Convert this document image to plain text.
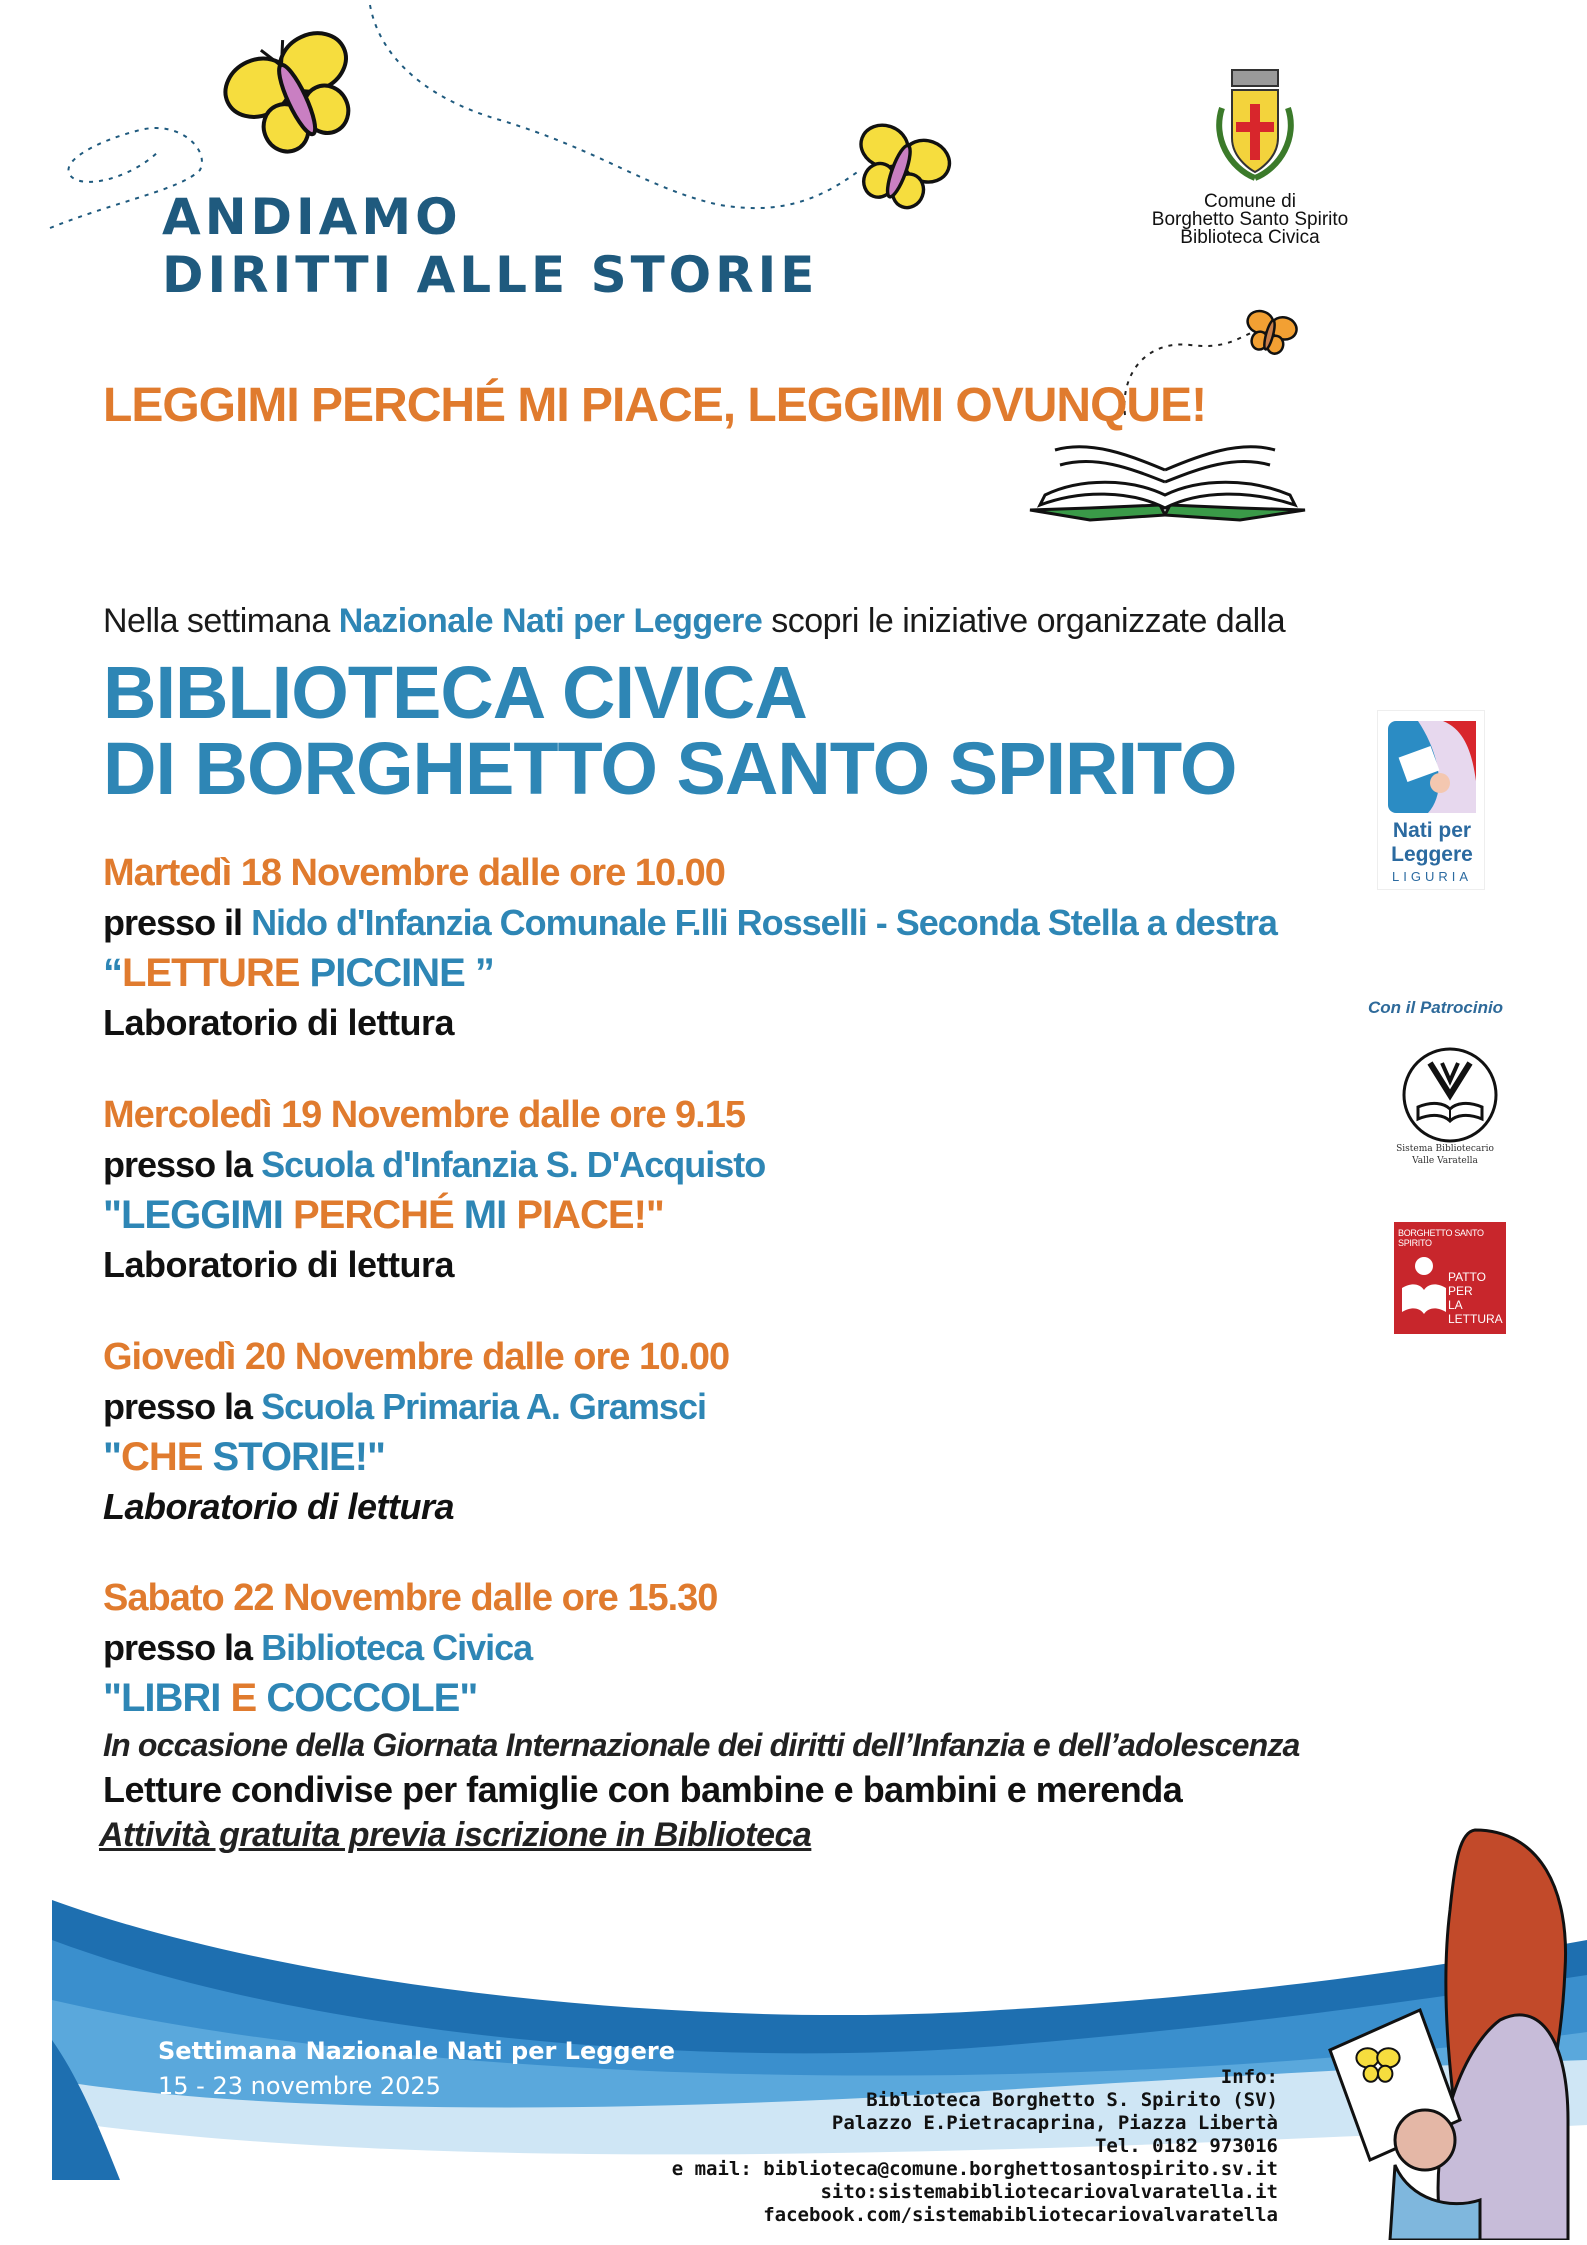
ANDIAMO
DIRITTI ALLE STORIE
Comune di
Borghetto Santo Spirito
Biblioteca Civica
LEGGIMI PERCHÉ MI PIACE, LEGGIMI OVUNQUE!
Nella settimana Nazionale Nati per Leggere scopri le iniziative organizzate dalla
BIBLIOTECA CIVICA
DI BORGHETTO SANTO SPIRITO
Martedì 18 Novembre dalle ore 10.00
presso il Nido d'Infanzia Comunale F.lli Rosselli - Seconda Stella a destra
“LETTURE PICCINE ”
Laboratorio di lettura
Mercoledì 19 Novembre dalle ore 9.15
presso la Scuola d'Infanzia S. D'Acquisto
"LEGGIMI PERCHÉ MI PIACE!"
Laboratorio di lettura
Giovedì 20 Novembre dalle ore 10.00
presso la Scuola Primaria A. Gramsci
"CHE STORIE!"
Laboratorio di lettura
Sabato 22 Novembre dalle ore 15.30
presso la Biblioteca Civica
"LIBRI E COCCOLE"
In occasione della Giornata Internazionale dei diritti dell’Infanzia e dell’adolescenza
Letture condivise per famiglie con bambine e bambini e merenda
Attività gratuita previa iscrizione in Biblioteca
Nati per
Leggere
LIGURIA
Con il Patrocinio
Sistema Bibliotecario
Valle Varatella
BORGHETTO SANTO SPIRITO
PATTO PER
LA
LETTURA
Settimana Nazionale Nati per Leggere
15 - 23 novembre 2025	Info:
Biblioteca Borghetto S. Spirito (SV)
Palazzo E.Pietracaprina, Piazza Libertà
Tel. 0182 973016
e mail: biblioteca@comune.borghettosantospirito.sv.it
sito:sistemabibliotecariovalvaratella.it
facebook.com/sistemabibliotecariovalvaratella
